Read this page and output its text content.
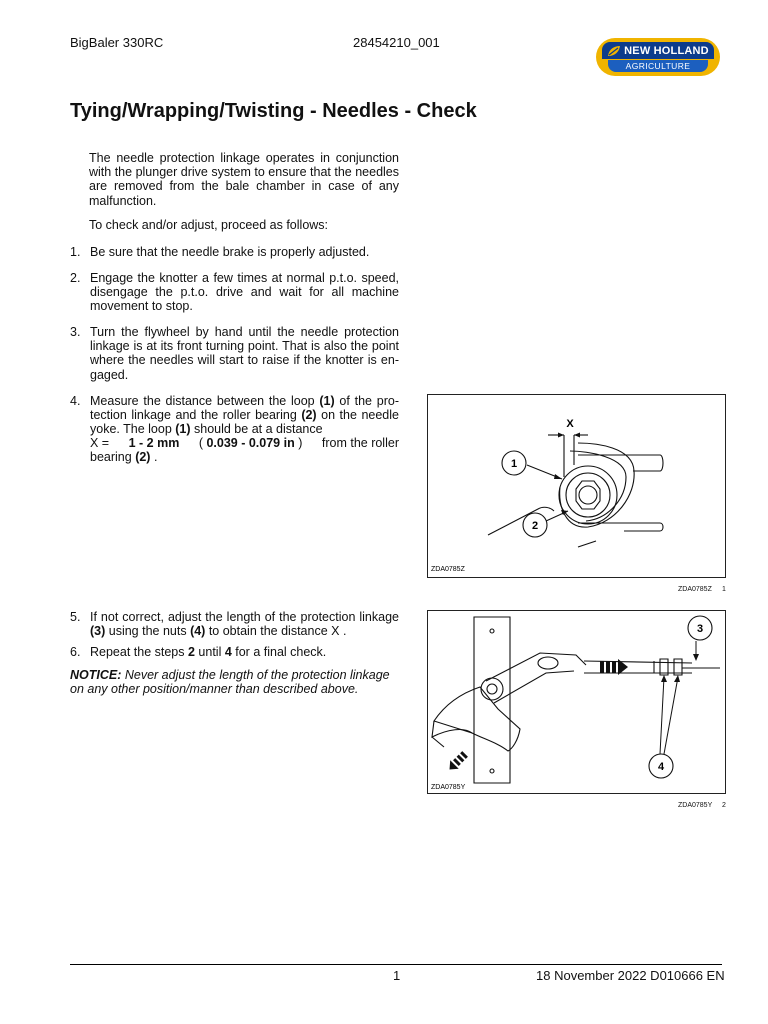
BigBaler 330RC	28454210_001
NEW HOLLAND
AGRICULTURE
Tying/Wrapping/Twisting - Needles - Check
The needle protection linkage operates in conjunction with the plunger drive system to ensure that the needles are removed from the bale chamber in case of any malfunction.
To check and/or adjust, proceed as follows:
1. Be sure that the needle brake is properly adjusted.
2. Engage the knotter a few times at normal p.t.o. speed, disengage the p.t.o. drive and wait for all machine movement to stop.
3. Turn the flywheel by hand until the needle protection linkage is at its front turning point. That is also the point where the needles will start to raise if the knotter is engaged.
4. Measure the distance between the loop (1) of the protection linkage and the roller bearing (2) on the needle yoke. The loop (1) should be at a distance
X = 1 - 2 mm ( 0.039 - 0.079 in ) from the roller
bearing (2) .
5. If not correct, adjust the length of the protection linkage (3) using the nuts (4) to obtain the distance X .
6. Repeat the steps 2 until 4 for a final check.
NOTICE: Never adjust the length of the protection linkage on any other position/manner than described above.
1
2
X
ZDA0785Z
ZDA0785Z 1
3
4
ZDA0785Y
ZDA0785Y 2
1	18 November 2022 D010666 EN
